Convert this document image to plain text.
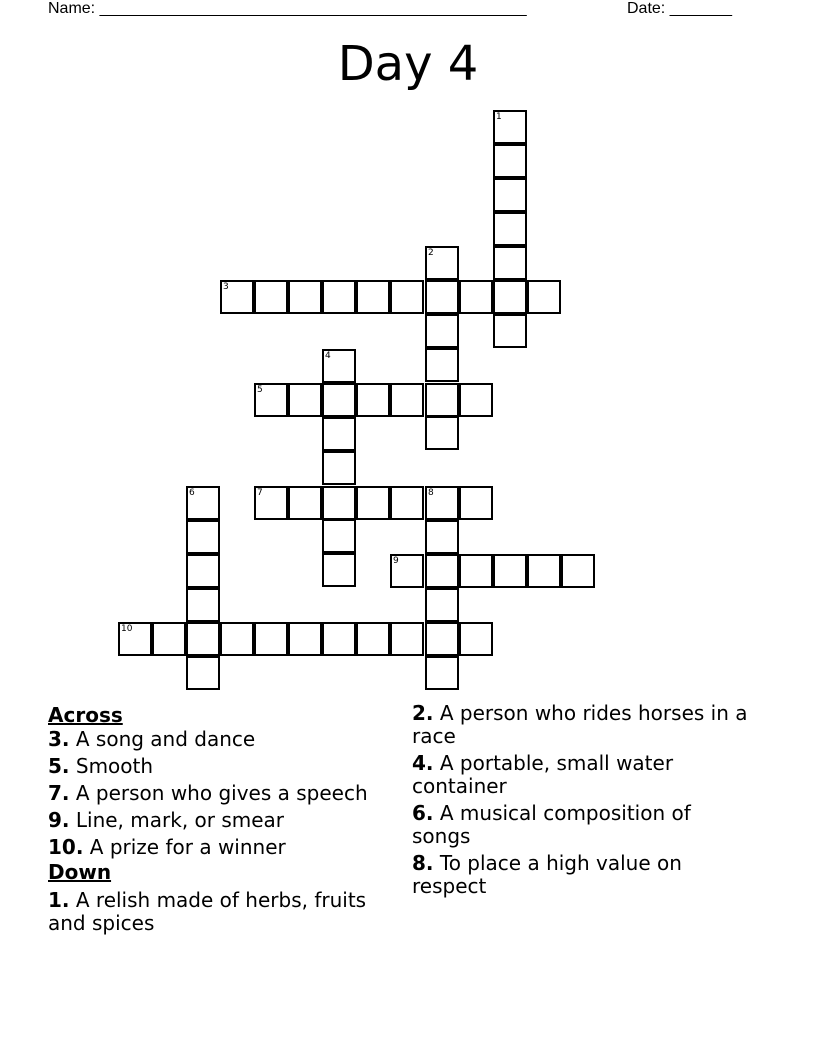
Name: ________________________________________________	Date: _______
Day 4
1
2
3
4
5
6	7	8
9
10
Across

3. A song and dance

5. Smooth

7. A person who gives a speech

9. Line, mark, or smear

10. A prize for a winner

Down

1. A relish made of herbs, fruits and spices

2. A person who rides horses in a race

4. A portable, small water container

6. A musical composition of songs

8. To place a high value on respect
